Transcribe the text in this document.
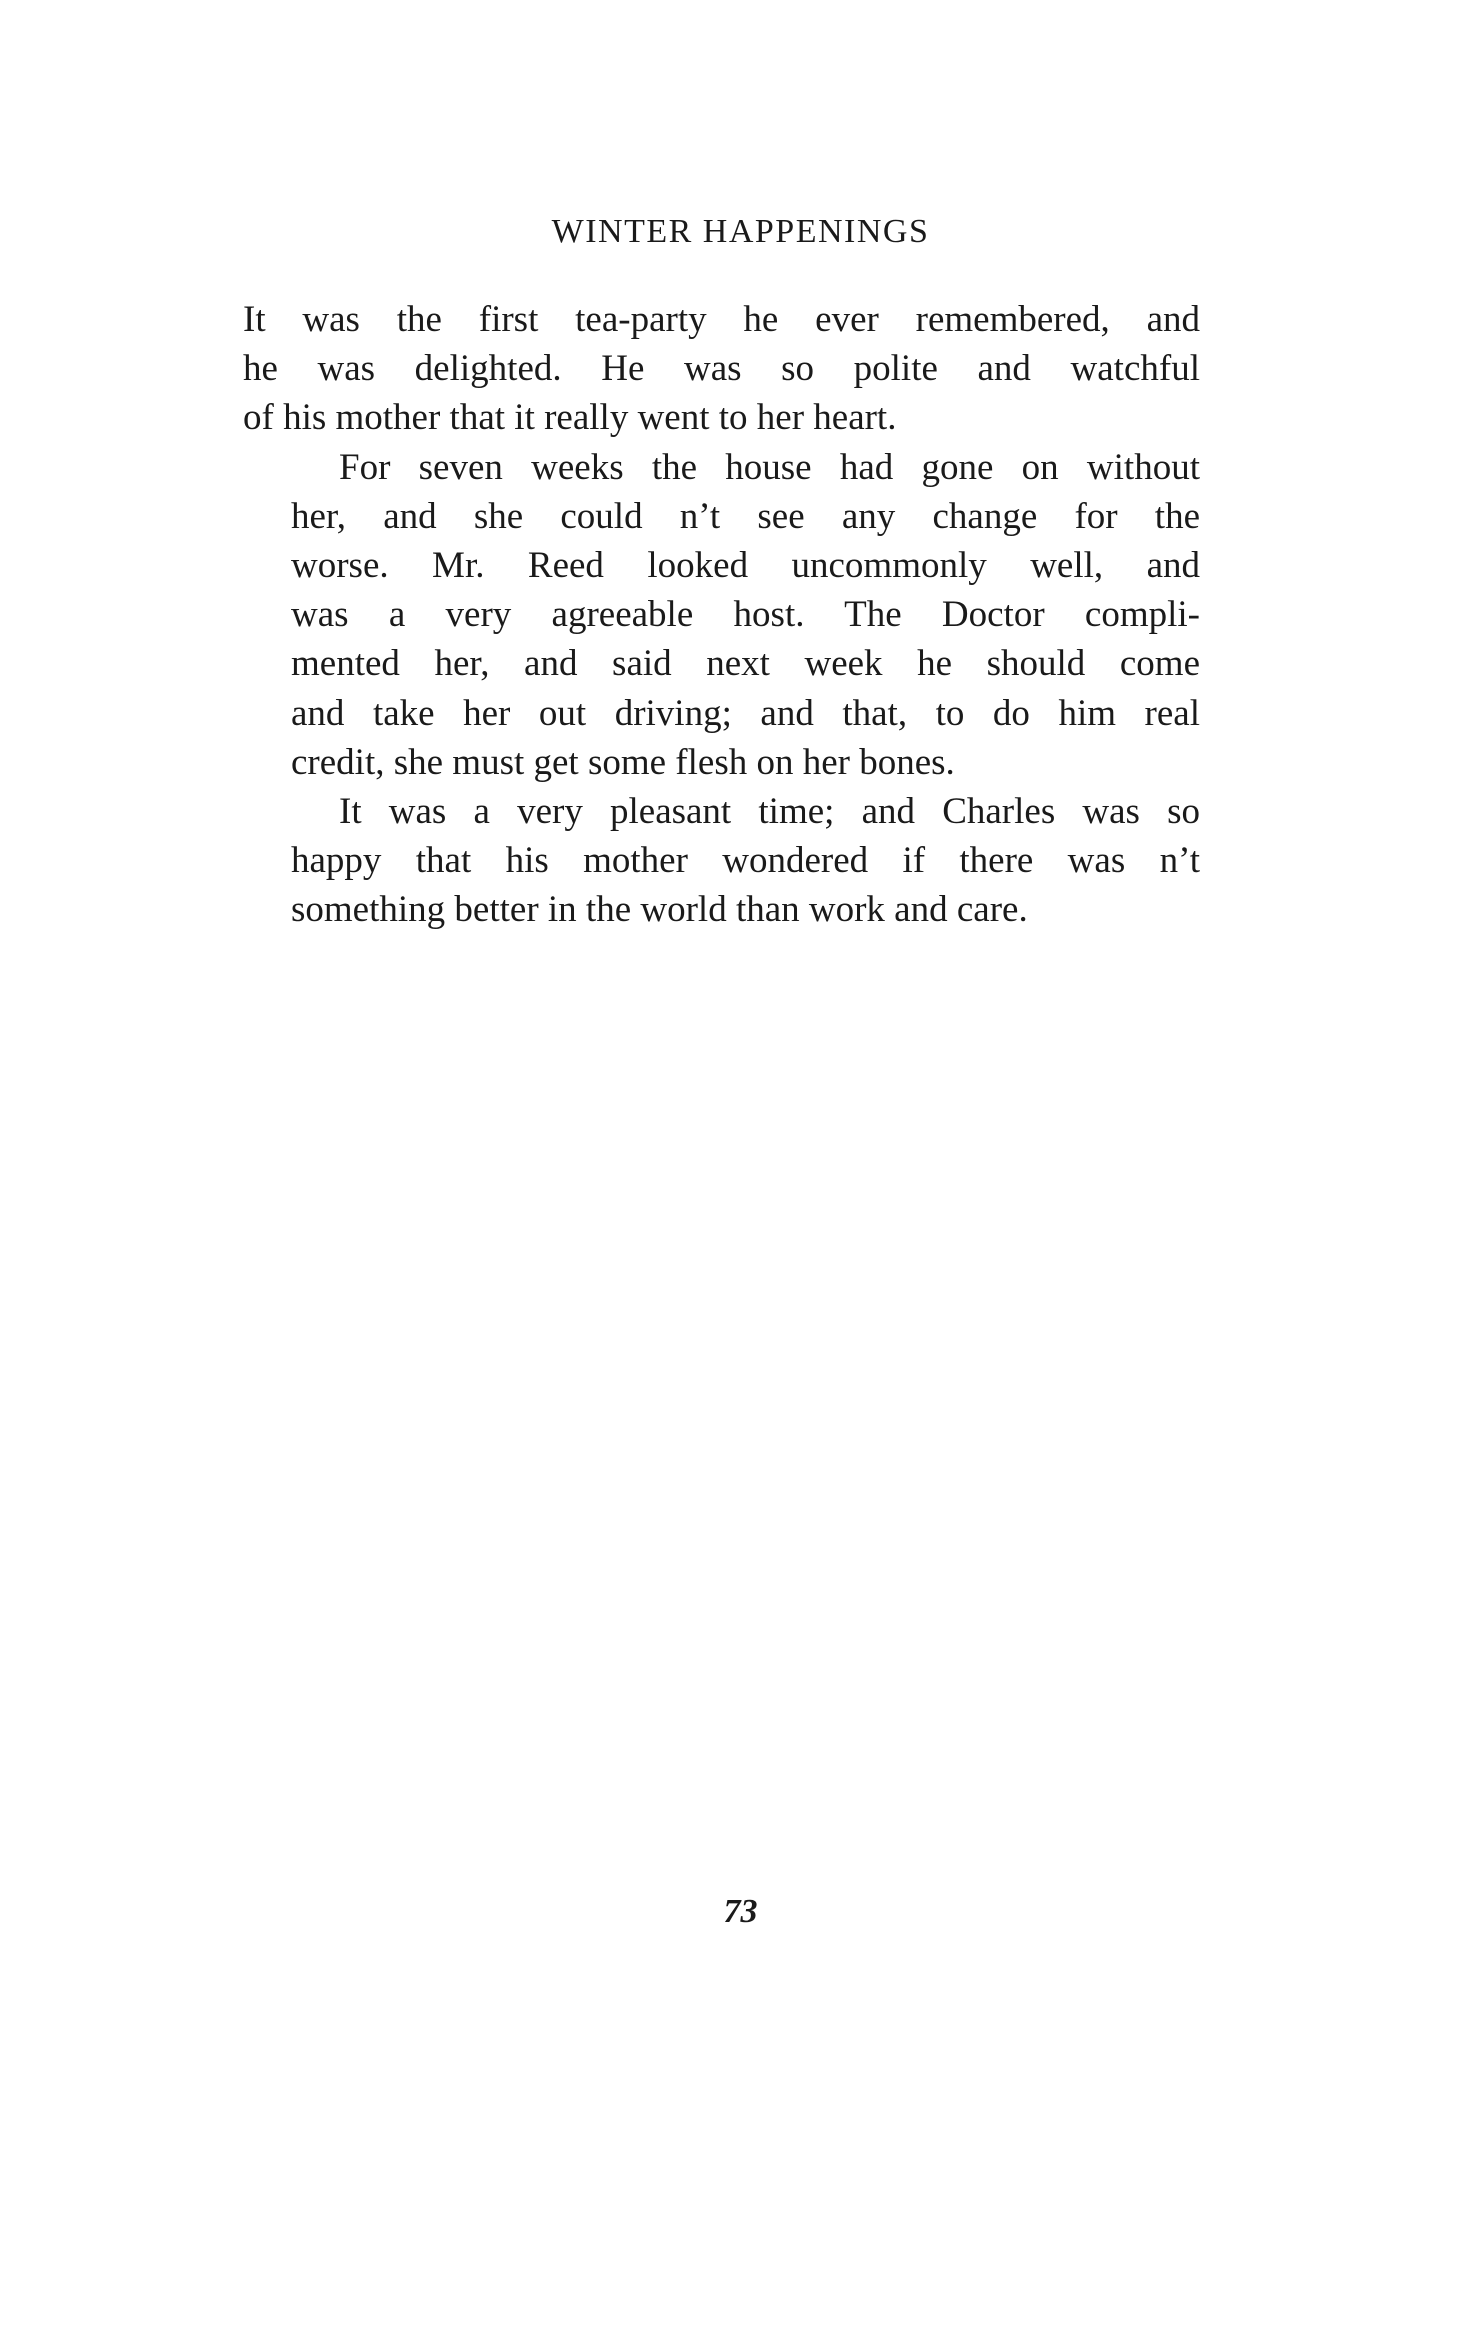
WINTER HAPPENINGS

It was the first tea-party he ever remembered, and
he was delighted. He was so polite and watchful
of his mother that it really went to her heart.

For seven weeks the house had gone on without
her, and she could n’t see any change for the
worse. Mr. Reed looked uncommonly well, and
was a very agreeable host. The Doctor compli-
mented her, and said next week he should come
and take her out driving; and that, to do him real
credit, she must get some flesh on her bones.

It was a very pleasant time; and Charles was so
happy that his mother wondered if there was n’t
something better in the world than work and care.

73
